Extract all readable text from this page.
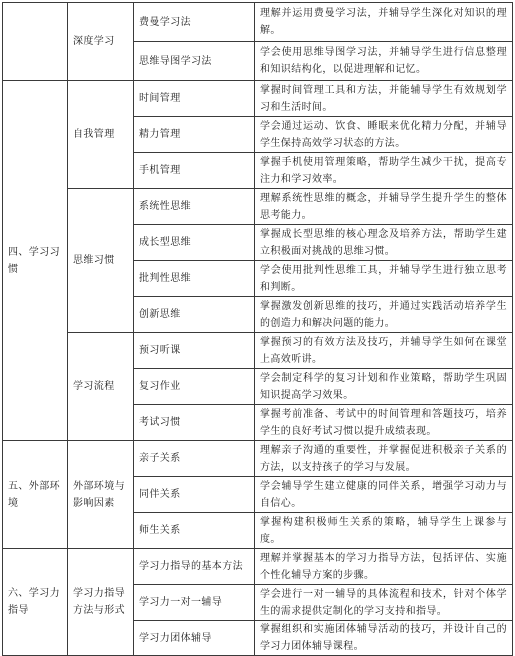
	深度学习	费曼学习法	理解并运用费曼学习法，并辅导学生深化对知识的理解。
		思维导图学习法	学会使用思维导图学习法，并辅导学生进行信息整理和知识结构化，以促进理解和记忆。
四、学习习惯	自我管理	时间管理	掌握时间管理工具和方法，并能辅导学生有效规划学习和生活时间。
		精力管理	学会通过运动、饮食、睡眠来优化精力分配，并辅导学生保持高效学习状态的方法。
		手机管理	掌握手机使用管理策略，帮助学生减少干扰，提高专注力和学习效率。
	思维习惯	系统性思维	理解系统性思维的概念，并辅导学生提升学生的整体思考能力。
		成长型思维	掌握成长型思维的核心理念及培养方法，帮助学生建立积极面对挑战的思维习惯。
		批判性思维	学会使用批判性思维工具，并辅导学生进行独立思考和判断。
		创新思维	掌握激发创新思维的技巧，并通过实践活动培养学生的创造力和解决问题的能力。
	学习流程	预习听课	掌握预习的有效方法及技巧，并辅导学生如何在课堂上高效听讲。
		复习作业	学会制定科学的复习计划和作业策略，帮助学生巩固知识提高学习效果。
		考试习惯	掌握考前准备、考试中的时间管理和答题技巧，培养学生的良好考试习惯以提升成绩表现。
五、外部环境	外部环境与影响因素	亲子关系	理解亲子沟通的重要性，并掌握促进积极亲子关系的方法，以支持孩子的学习与发展。
		同伴关系	学会辅导学生建立健康的同伴关系，增强学习动力与自信心。
		师生关系	掌握构建积极师生关系的策略，辅导学生上课参与度。
六、学习力指导	学习力指导方法与形式	学习力指导的基本方法	理解并掌握基本的学习力指导方法，包括评估、实施个性化辅导方案的步骤。
		学习力一对一辅导	学会进行一对一辅导的具体流程和技术，针对个体学生的需求提供定制化的学习支持和指导。
		学习力团体辅导	掌握组织和实施团体辅导活动的技巧，并设计自己的学习力团体辅导课程。
